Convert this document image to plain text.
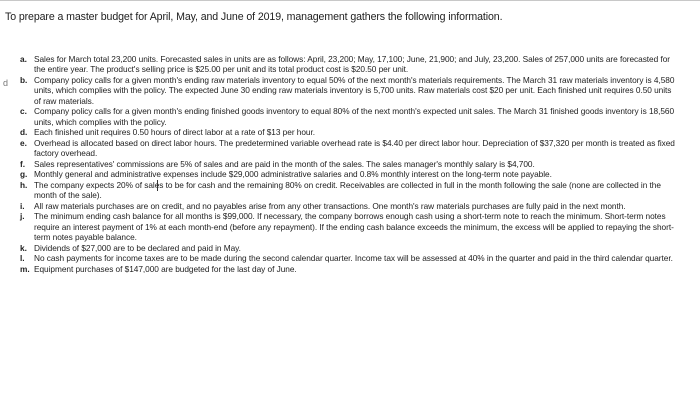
To prepare a master budget for April, May, and June of 2019, management gathers the following information.
d
a. Sales for March total 23,200 units. Forecasted sales in units are as follows: April, 23,200; May, 17,100; June, 21,900; and July, 23,200. Sales of 257,000 units are forecasted for the entire year. The product's selling price is $25.00 per unit and its total product cost is $20.50 per unit.
b. Company policy calls for a given month's ending raw materials inventory to equal 50% of the next month's materials requirements. The March 31 raw materials inventory is 4,580 units, which complies with the policy. The expected June 30 ending raw materials inventory is 5,700 units. Raw materials cost $20 per unit. Each finished unit requires 0.50 units of raw materials.
c. Company policy calls for a given month's ending finished goods inventory to equal 80% of the next month's expected unit sales. The March 31 finished goods inventory is 18,560 units, which complies with the policy.
d. Each finished unit requires 0.50 hours of direct labor at a rate of $13 per hour.
e. Overhead is allocated based on direct labor hours. The predetermined variable overhead rate is $4.40 per direct labor hour. Depreciation of $37,320 per month is treated as fixed factory overhead.
f. Sales representatives' commissions are 5% of sales and are paid in the month of the sales. The sales manager's monthly salary is $4,700.
g. Monthly general and administrative expenses include $29,000 administrative salaries and 0.8% monthly interest on the long-term note payable.
h. The company expects 20% of sales to be for cash and the remaining 80% on credit. Receivables are collected in full in the month following the sale (none are collected in the month of the sale).
i. All raw materials purchases are on credit, and no payables arise from any other transactions. One month's raw materials purchases are fully paid in the next month.
j. The minimum ending cash balance for all months is $99,000. If necessary, the company borrows enough cash using a short-term note to reach the minimum. Short-term notes require an interest payment of 1% at each month-end (before any repayment). If the ending cash balance exceeds the minimum, the excess will be applied to repaying the short-term notes payable balance.
k. Dividends of $27,000 are to be declared and paid in May.
l. No cash payments for income taxes are to be made during the second calendar quarter. Income tax will be assessed at 40% in the quarter and paid in the third calendar quarter.
m. Equipment purchases of $147,000 are budgeted for the last day of June.
